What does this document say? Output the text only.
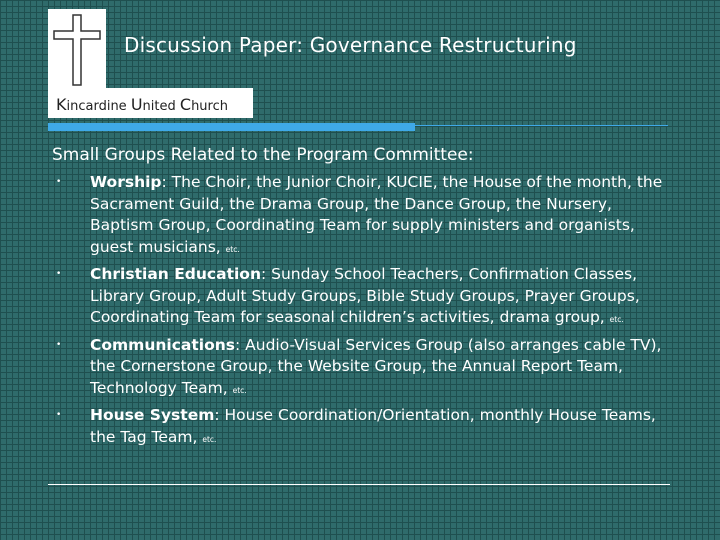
Kincardine United Church
Discussion Paper: Governance Restructuring
Small Groups Related to the Program Committee:
• Worship: The Choir, the Junior Choir, KUCIE, the House of the month, the Sacrament Guild, the Drama Group, the Dance Group, the Nursery, Baptism Group, Coordinating Team for supply ministers and organists, guest musicians, etc.
• Christian Education: Sunday School Teachers, Confirmation Classes, Library Group, Adult Study Groups, Bible Study Groups, Prayer Groups, Coordinating Team for seasonal children’s activities, drama group, etc.
• Communications: Audio-Visual Services Group (also arranges cable TV), the Cornerstone Group, the Website Group, the Annual Report Team, Technology Team, etc.
• House System: House Coordination/Orientation, monthly House Teams, the Tag Team, etc.
